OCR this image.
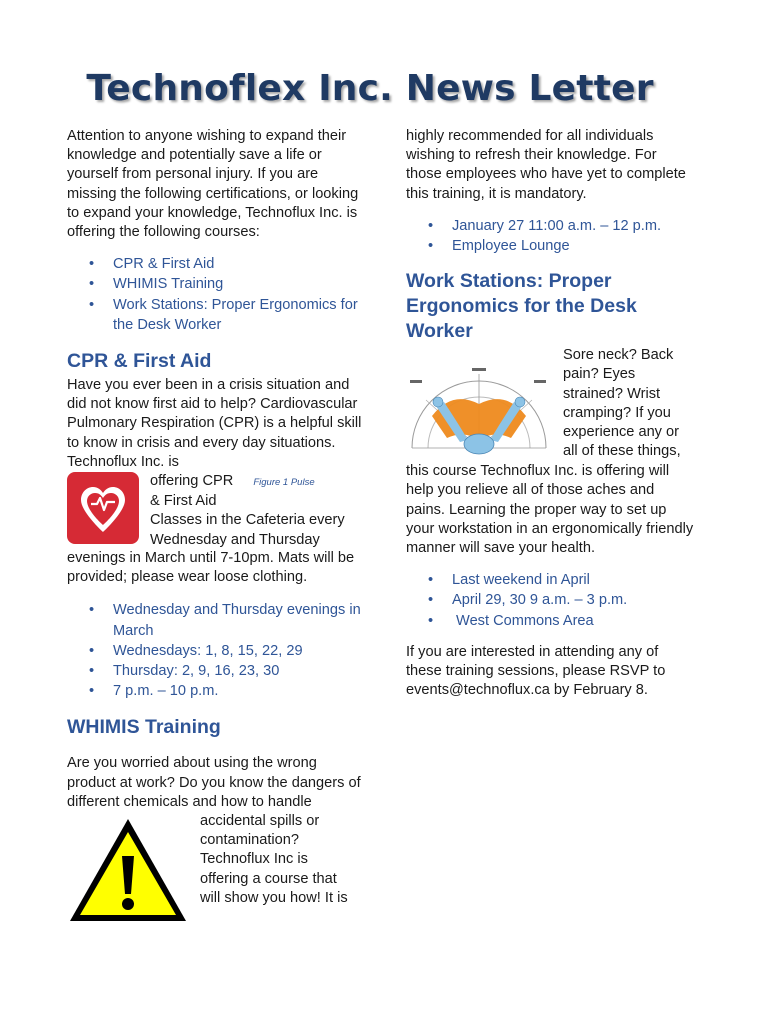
Technoflex Inc. News Letter

Attention to anyone wishing to expand their knowledge and potentially save a life or yourself from personal injury. If you are missing the following certifications, or looking to expand your knowledge, Technoflux Inc. is offering the following courses:

• CPR & First Aid
• WHIMIS Training
• Work Stations: Proper Ergonomics for the Desk Worker
CPR & First Aid

Have you ever been in a crisis situation and did not know first aid to help? Cardiovascular Pulmonary Respiration (CPR) is a helpful skill to know in crisis and every day situations. Technoflux Inc. is

offering CPR Figure 1 Pulse
& First Aid
Classes in the Cafeteria every
Wednesday and Thursday

evenings in March until 7-10pm. Mats will be provided; please wear loose clothing.

• Wednesday and Thursday evenings in March
• Wednesdays: 1, 8, 15, 22, 29
• Thursday: 2, 9, 16, 23, 30
• 7 p.m. – 10 p.m.
WHIMIS Training

Are you worried about using the wrong product at work? Do you know the dangers of different chemicals and how to handle

accidental spills or
contamination?
Technoflux Inc is
offering a course that
will show you how! It is

highly recommended for all individuals wishing to refresh their knowledge. For those employees who have yet to complete this training, it is mandatory.

• January 27 11:00 a.m. – 12 p.m.
• Employee Lounge
Work Stations: Proper Ergonomics for the Desk Worker
Sore neck? Back
pain? Eyes
strained? Wrist
cramping? If you
experience any or
all of these things,

this course Technoflux Inc. is offering will help you relieve all of those aches and pains. Learning the proper way to set up your workstation in an ergonomically friendly manner will save your health.

• Last weekend in April
• April 29, 30 9 a.m. – 3 p.m.
•  West Commons Area

If you are interested in attending any of these training sessions, please RSVP to events@technoflux.ca by February 8.
